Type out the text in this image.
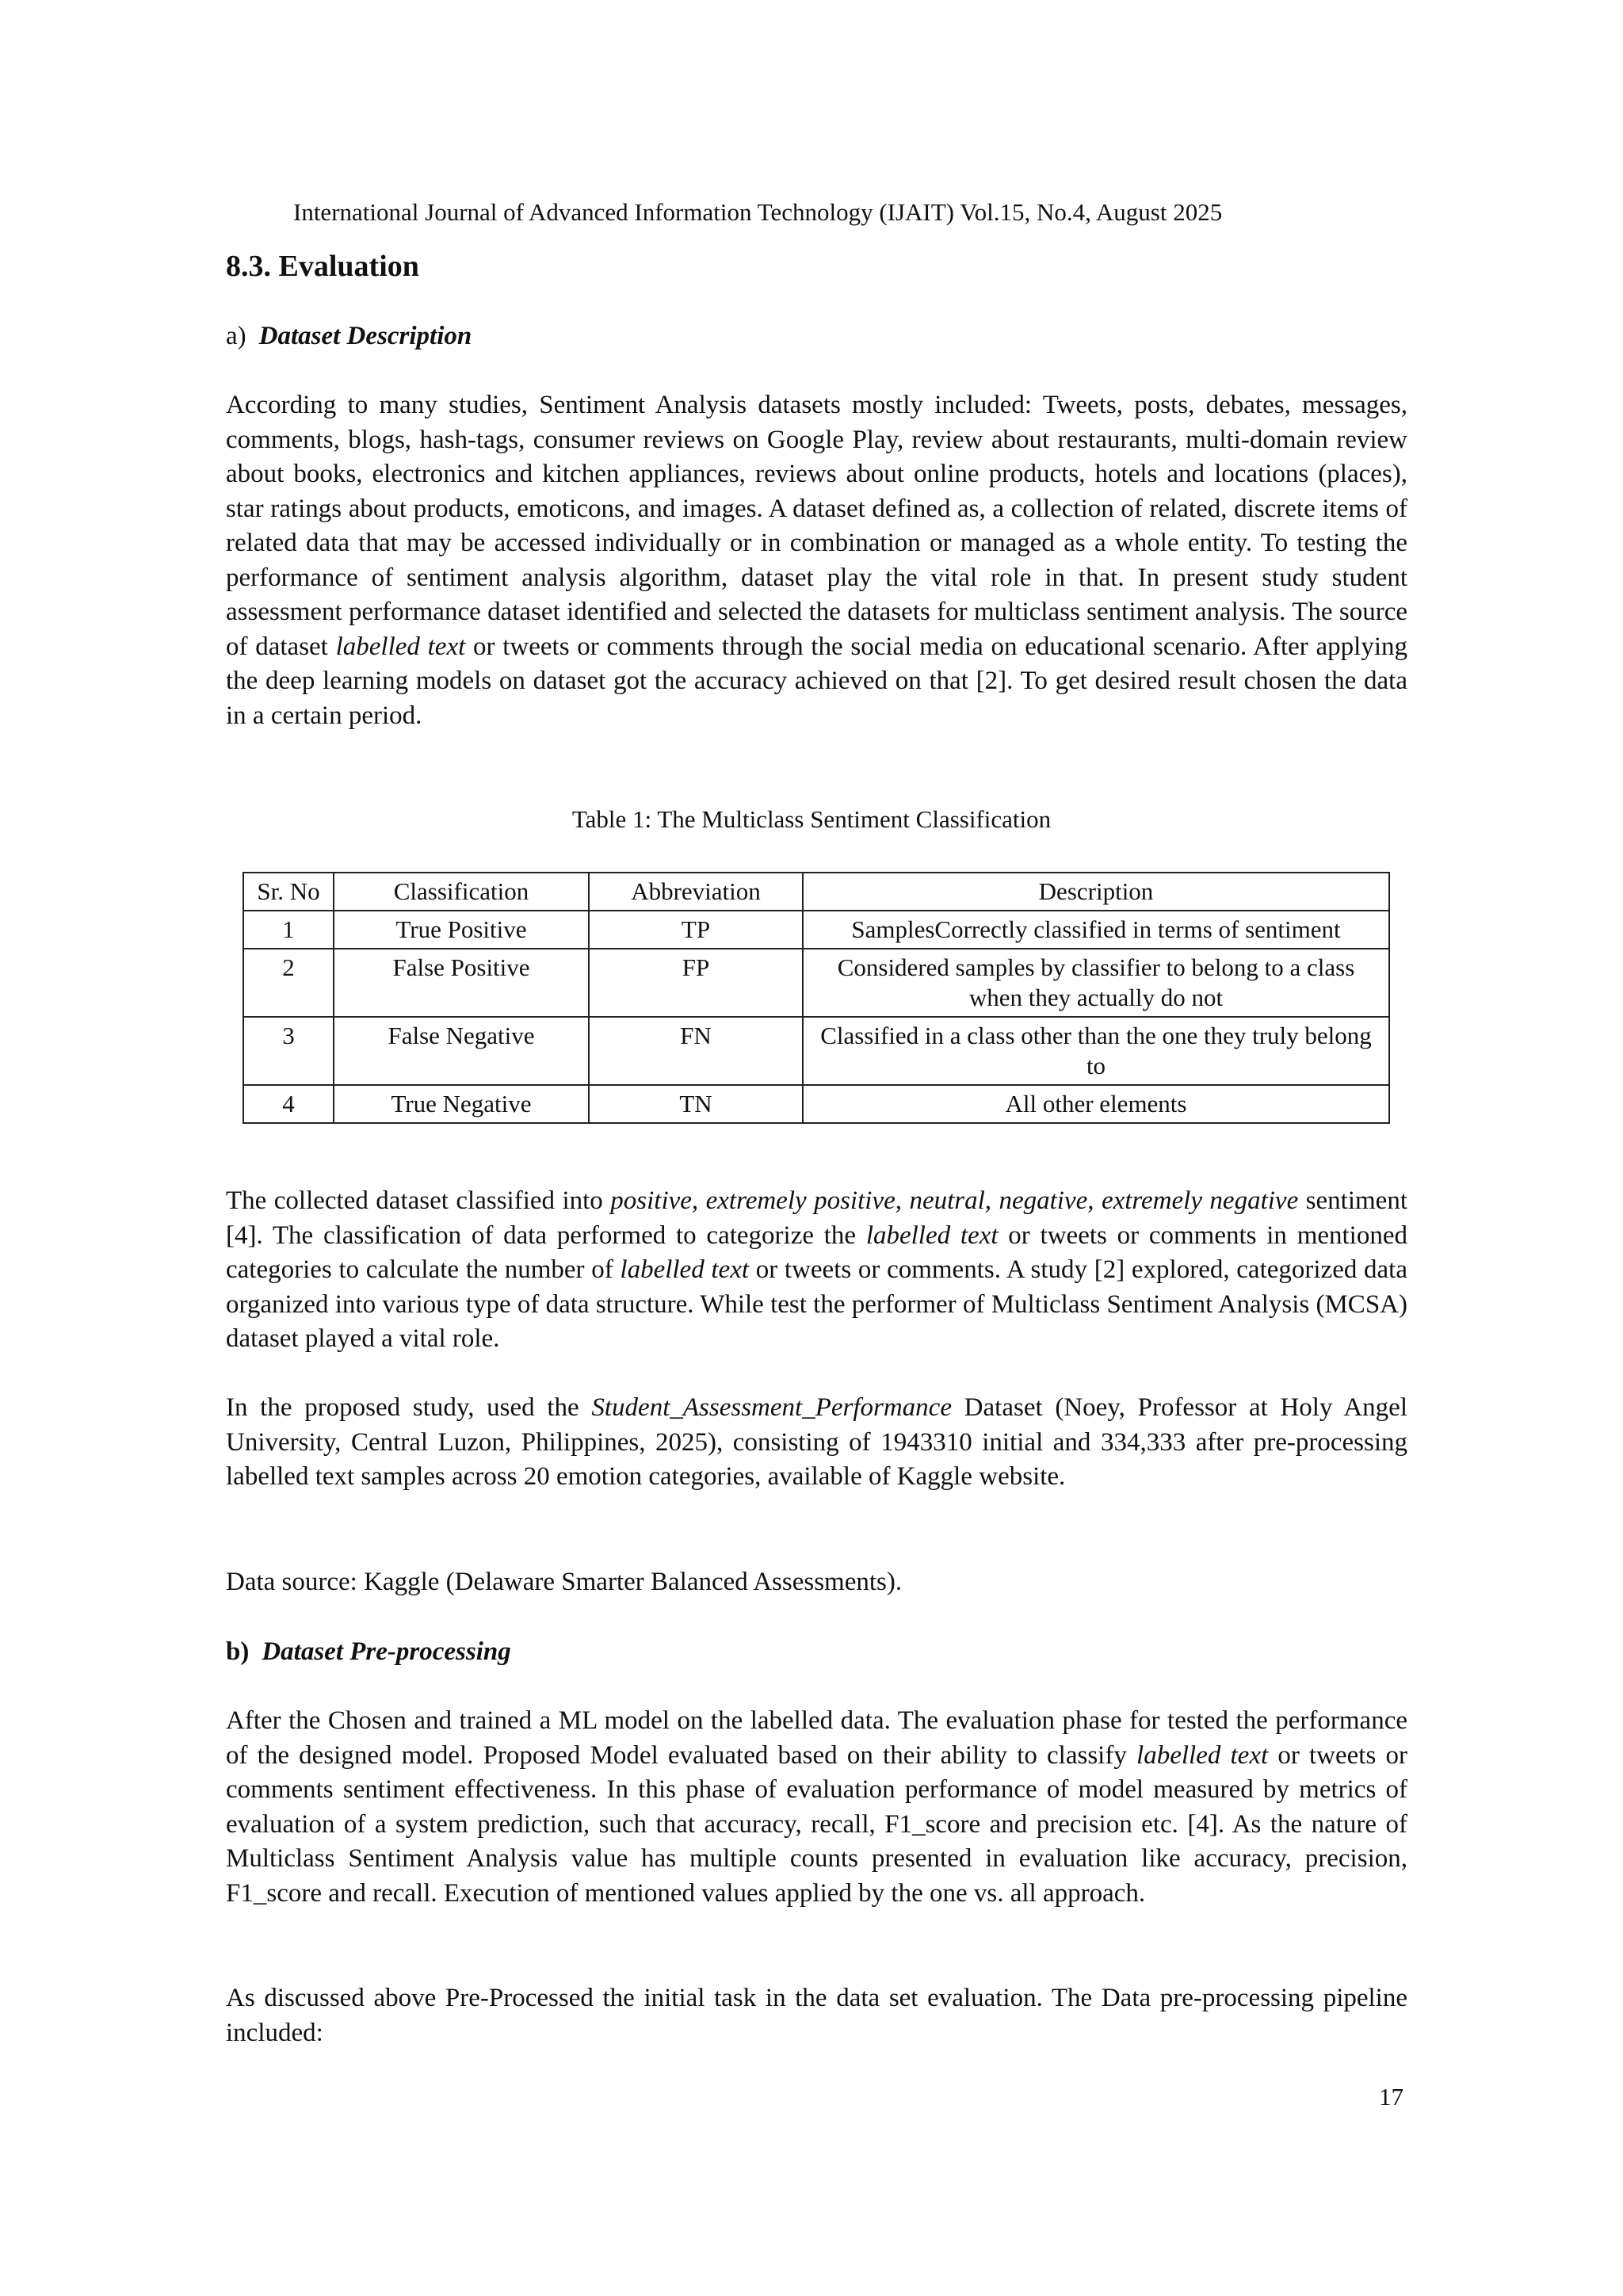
International Journal of Advanced Information Technology (IJAIT) Vol.15, No.4, August 2025
8.3. Evaluation
a) Dataset Description

According to many studies, Sentiment Analysis datasets mostly included: Tweets, posts, debates, messages, comments, blogs, hash-tags, consumer reviews on Google Play, review about restaurants, multi-domain review about books, electronics and kitchen appliances, reviews about online products, hotels and locations (places), star ratings about products, emoticons, and images. A dataset defined as, a collection of related, discrete items of related data that may be accessed individually or in combination or managed as a whole entity. To testing the performance of sentiment analysis algorithm, dataset play the vital role in that. In present study student assessment performance dataset identified and selected the datasets for multiclass sentiment analysis. The source of dataset labelled text or tweets or comments through the social media on educational scenario. After applying the deep learning models on dataset got the accuracy achieved on that [2]. To get desired result chosen the data in a certain period.

Table 1: The Multiclass Sentiment Classification
Sr. No	Classification	Abbreviation	Description
1	True Positive	TP	SamplesCorrectly classified in terms of sentiment
2	False Positive	FP	Considered samples by classifier to belong to a class when they actually do not
3	False Negative	FN	Classified in a class other than the one they truly belong to
4	True Negative	TN	All other elements

The collected dataset classified into positive, extremely positive, neutral, negative, extremely negative sentiment [4]. The classification of data performed to categorize the labelled text or tweets or comments in mentioned categories to calculate the number of labelled text or tweets or comments. A study [2] explored, categorized data organized into various type of data structure. While test the performer of Multiclass Sentiment Analysis (MCSA) dataset played a vital role.

In the proposed study, used the Student_Assessment_Performance Dataset (Noey, Professor at Holy Angel University, Central Luzon, Philippines, 2025), consisting of 1943310 initial and 334,333 after pre-processing labelled text samples across 20 emotion categories, available of Kaggle website.

Data source: Kaggle (Delaware Smarter Balanced Assessments).

b) Dataset Pre-processing

After the Chosen and trained a ML model on the labelled data. The evaluation phase for tested the performance of the designed model. Proposed Model evaluated based on their ability to classify labelled text or tweets or comments sentiment effectiveness. In this phase of evaluation performance of model measured by metrics of evaluation of a system prediction, such that accuracy, recall, F1_score and precision etc. [4]. As the nature of Multiclass Sentiment Analysis value has multiple counts presented in evaluation like accuracy, precision, F1_score and recall. Execution of mentioned values applied by the one vs. all approach.

As discussed above Pre-Processed the initial task in the data set evaluation. The Data pre-processing pipeline included:

17
